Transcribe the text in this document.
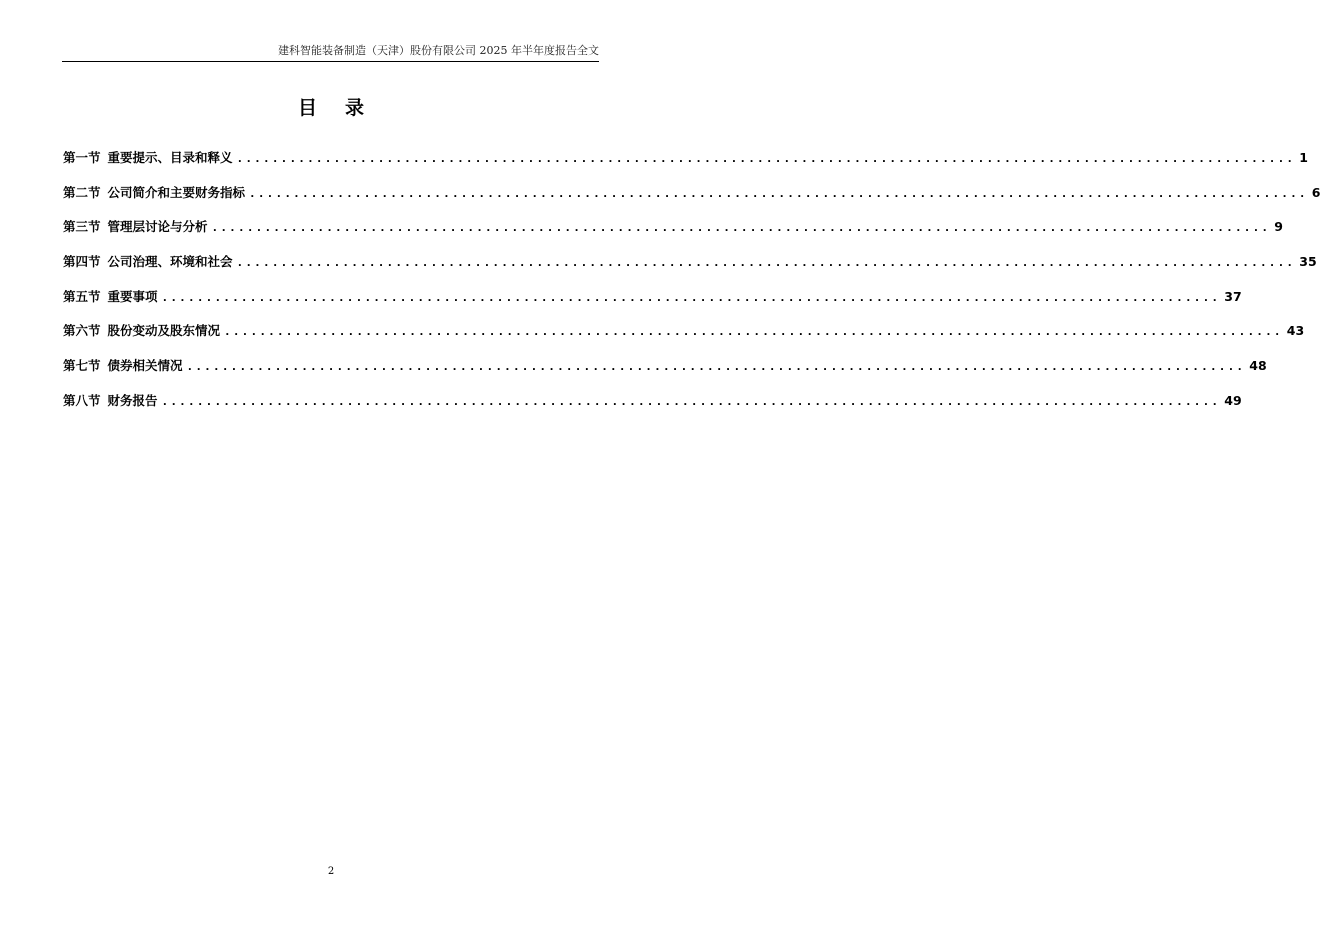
建科智能装备制造（天津）股份有限公司 2025 年半年度报告全文
目 录
第一节 重要提示、目录和释义 ........................................................................................................................ 1
第二节 公司简介和主要财务指标 ........................................................................................................................ 6
第三节 管理层讨论与分析 ........................................................................................................................ 9
第四节 公司治理、环境和社会 ........................................................................................................................ 35
第五节 重要事项 ........................................................................................................................ 37
第六节 股份变动及股东情况 ........................................................................................................................ 43
第七节 债券相关情况 ........................................................................................................................ 48
第八节 财务报告 ........................................................................................................................ 49
2
